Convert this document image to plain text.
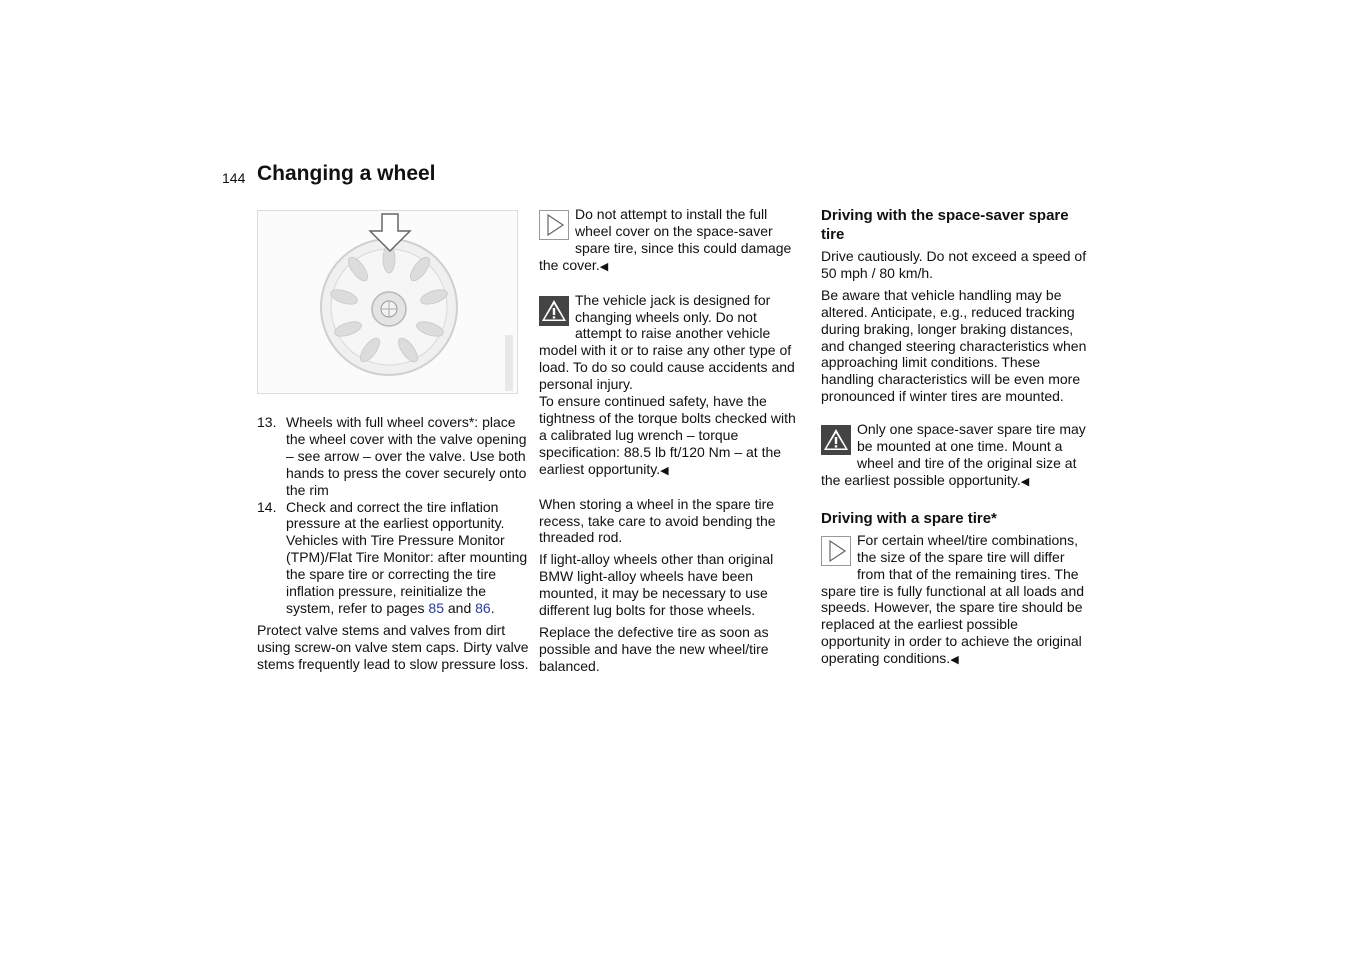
144 Changing a wheel
13. Wheels with full wheel covers*: place the wheel cover with the valve opening – see arrow – over the valve. Use both hands to press the cover securely onto the rim
14. Check and correct the tire inflation pressure at the earliest opportunity. Vehicles with Tire Pressure Monitor (TPM)/Flat Tire Monitor: after mounting the spare tire or correcting the tire inflation pressure, reinitialize the system, refer to pages 85 and 86.

Protect valve stems and valves from dirt using screw-on valve stem caps. Dirty valve stems frequently lead to slow pressure loss.

Do not attempt to install the full wheel cover on the space-saver spare tire, since this could damage the cover.◀
The vehicle jack is designed for changing wheels only. Do not attempt to raise another vehicle model with it or to raise any other type of load. To do so could cause accidents and personal injury.
To ensure continued safety, have the tightness of the torque bolts checked with a calibrated lug wrench – torque specification: 88.5 lb ft/120 Nm – at the earliest opportunity.◀

When storing a wheel in the spare tire recess, take care to avoid bending the threaded rod.

If light-alloy wheels other than original BMW light-alloy wheels have been mounted, it may be necessary to use different lug bolts for those wheels.

Replace the defective tire as soon as possible and have the new wheel/tire balanced.

Driving with the space-saver spare tire

Drive cautiously. Do not exceed a speed of 50 mph / 80 km/h.

Be aware that vehicle handling may be altered. Anticipate, e.g., reduced tracking during braking, longer braking distances, and changed steering characteristics when approaching limit conditions. These handling characteristics will be even more pronounced if winter tires are mounted.

Only one space-saver spare tire may be mounted at one time. Mount a wheel and tire of the original size at the earliest possible opportunity.◀
Driving with a spare tire*
For certain wheel/tire combinations, the size of the spare tire will differ from that of the remaining tires. The spare tire is fully functional at all loads and speeds. However, the spare tire should be replaced at the earliest possible opportunity in order to achieve the original operating conditions.◀
